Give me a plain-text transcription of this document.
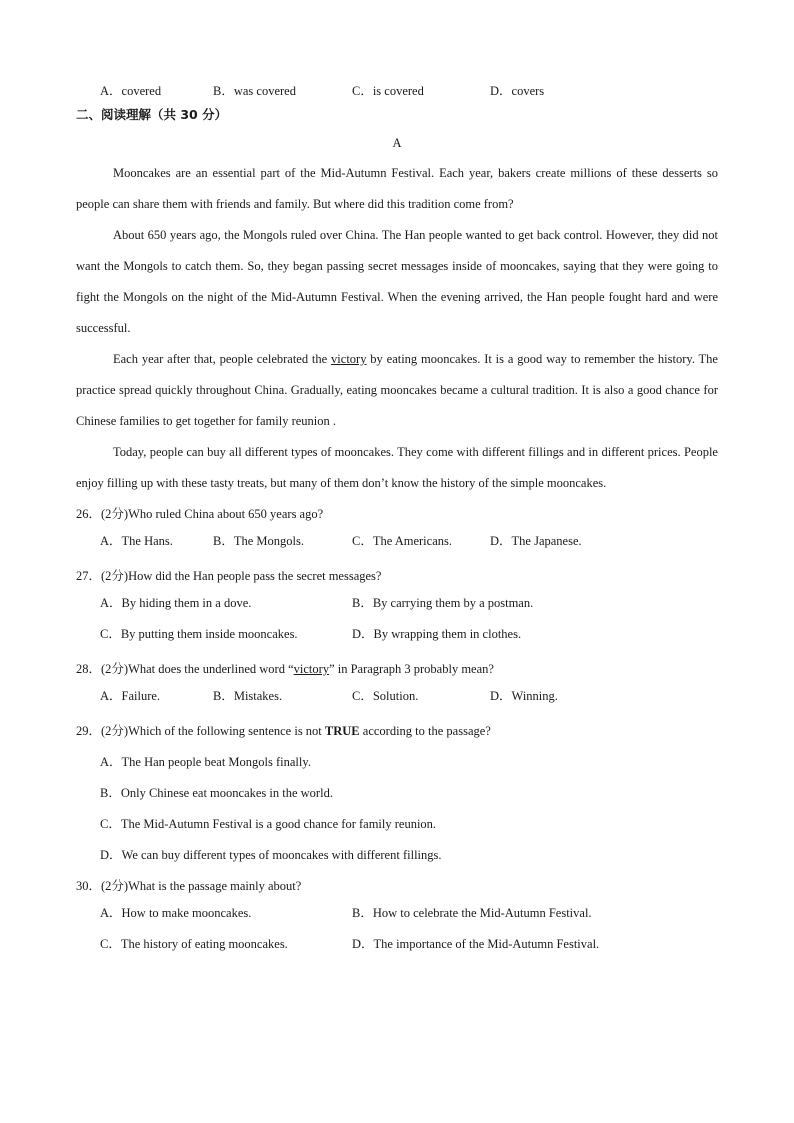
A．covered	B．was covered	C．is covered	D．covers
二、阅读理解（共 30 分）
A

Mooncakes are an essential part of the Mid-Autumn Festival. Each year, bakers create millions of these desserts so people can share them with friends and family. But where did this tradition come from?

About 650 years ago, the Mongols ruled over China. The Han people wanted to get back control. However, they did not want the Mongols to catch them. So, they began passing secret messages inside of mooncakes, saying that they were going to fight the Mongols on the night of the Mid-Autumn Festival. When the evening arrived, the Han people fought hard and were successful.

Each year after that, people celebrated the victory by eating mooncakes. It is a good way to remember the history. The practice spread quickly throughout China. Gradually, eating mooncakes became a cultural tradition. It is also a good chance for Chinese families to get together for family reunion .

Today, people can buy all different types of mooncakes. They come with different fillings and in different prices. People enjoy filling up with these tasty treats, but many of them don’t know the history of the simple mooncakes.

26．(2分)Who ruled China about 650 years ago?
A．The Hans.	B．The Mongols.	C．The Americans.	D．The Japanese.
27．(2分)How did the Han people pass the secret messages?
A．By hiding them in a dove.	B．By carrying them by a postman.
C．By putting them inside mooncakes.	D．By wrapping them in clothes.
28．(2分)What does the underlined word “victory” in Paragraph 3 probably mean?
A．Failure.	B．Mistakes.	C．Solution.	D．Winning.
29．(2分)Which of the following sentence is not TRUE according to the passage?
A．The Han people beat Mongols finally.
B．Only Chinese eat mooncakes in the world.
C．The Mid-Autumn Festival is a good chance for family reunion.
D．We can buy different types of mooncakes with different fillings.
30．(2分)What is the passage mainly about?
A．How to make mooncakes.	B．How to celebrate the Mid-Autumn Festival.
C．The history of eating mooncakes.	D．The importance of the Mid-Autumn Festival.
